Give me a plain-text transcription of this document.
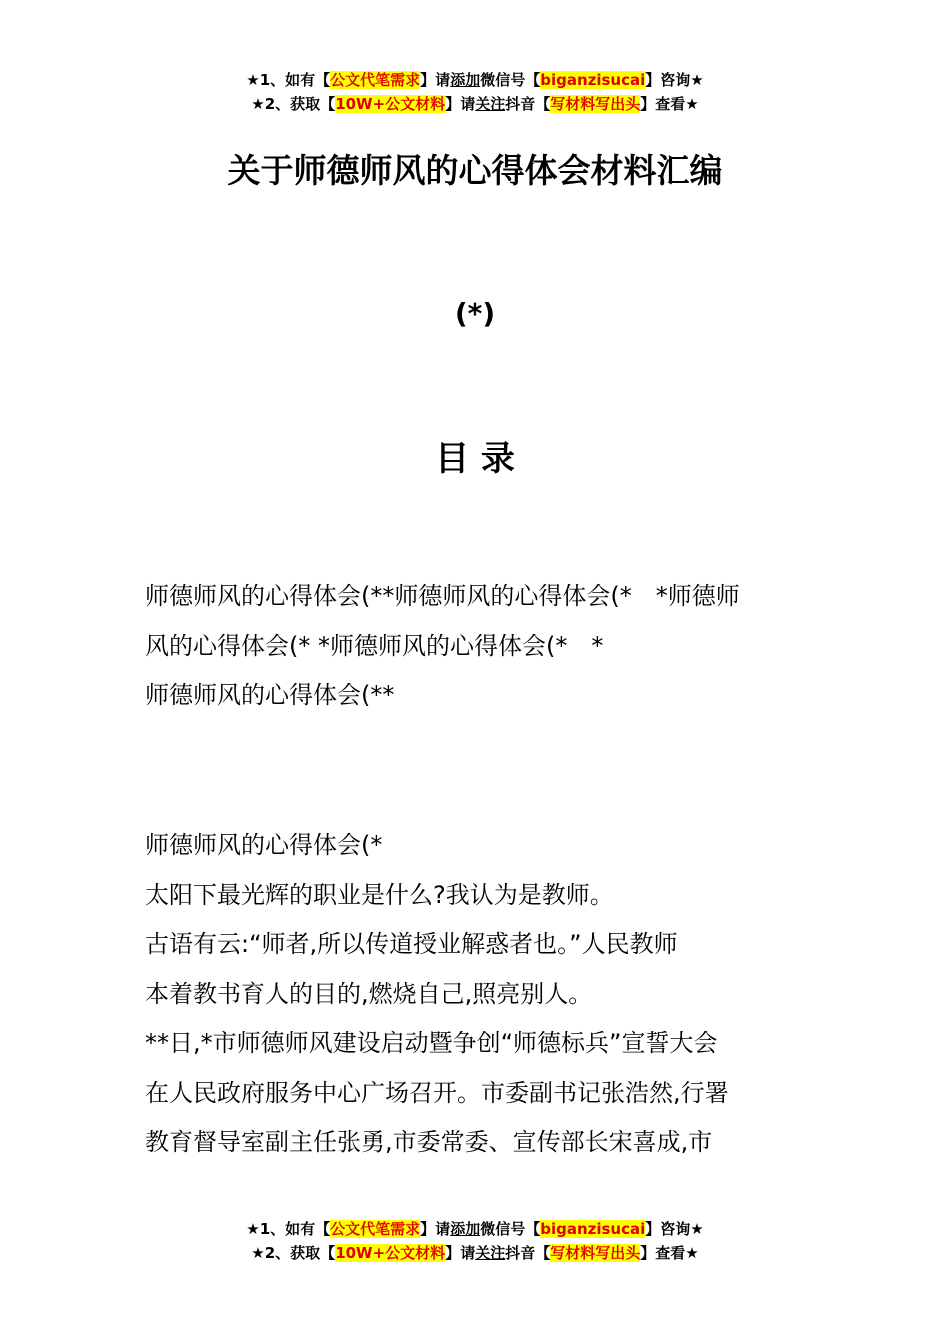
★1、如有【公文代笔需求】请添加微信号【biganzisucai】咨询★
★2、获取【10W+公文材料】请关注抖音【写材料写出头】查看★
关于师德师风的心得体会材料汇编
(*)
目 录
师德师风的心得体会(**师德师风的心得体会(*　*师德师
风的心得体会(* *师德师风的心得体会(*　*
师德师风的心得体会(**
师德师风的心得体会(*
太阳下最光辉的职业是什么?我认为是教师。
古语有云:“师者,所以传道授业解惑者也。”人民教师
本着教书育人的目的,燃烧自己,照亮别人。
**日,*市师德师风建设启动暨争创“师德标兵”宣誓大会
在人民政府服务中心广场召开。市委副书记张浩然,行署
教育督导室副主任张勇,市委常委、宣传部长宋喜成,市
★1、如有【公文代笔需求】请添加微信号【biganzisucai】咨询★
★2、获取【10W+公文材料】请关注抖音【写材料写出头】查看★
